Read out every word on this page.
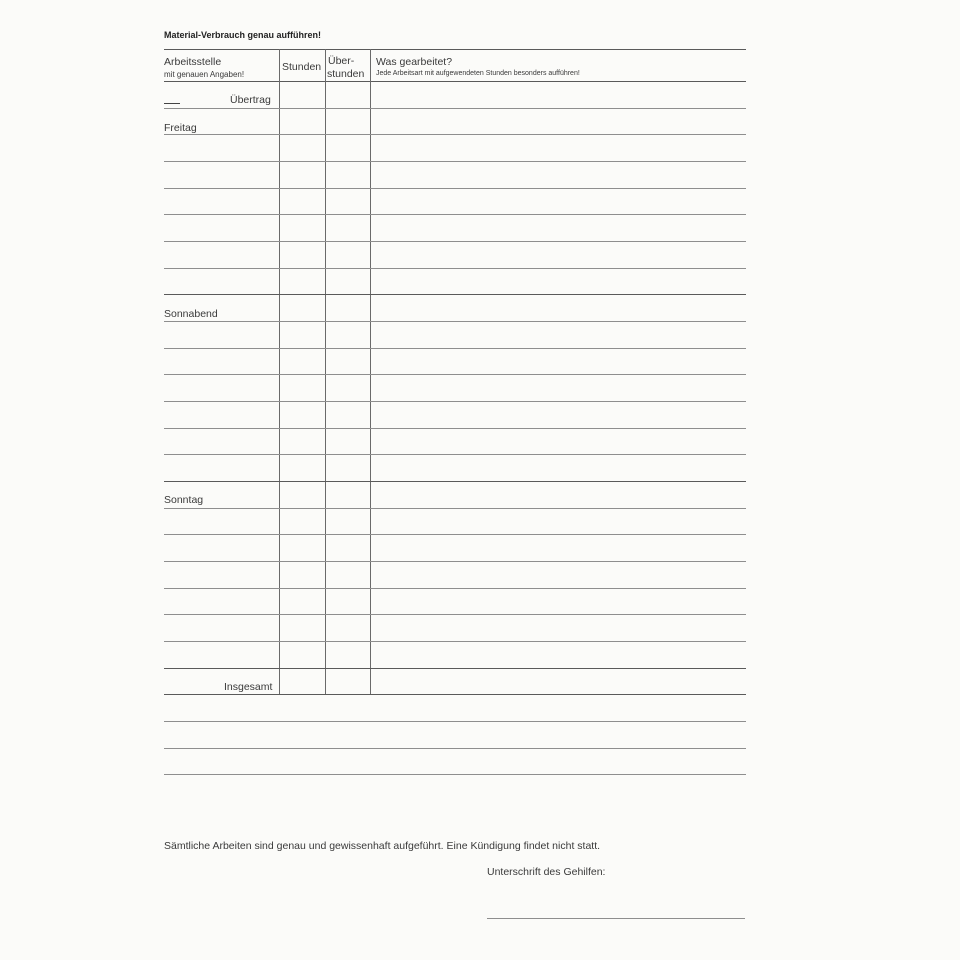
Material-Verbrauch genau aufführen!
Arbeitsstelle
mit genauen Angaben!
Stunden Über-
stunden
Was gearbeitet?
Jede Arbeitsart mit aufgewendeten Stunden besonders aufführen!
Übertrag
Freitag
Sonnabend
Sonntag
Insgesamt
Sämtliche Arbeiten sind genau und gewissenhaft aufgeführt. Eine Kündigung findet nicht statt.
Unterschrift des Gehilfen:
